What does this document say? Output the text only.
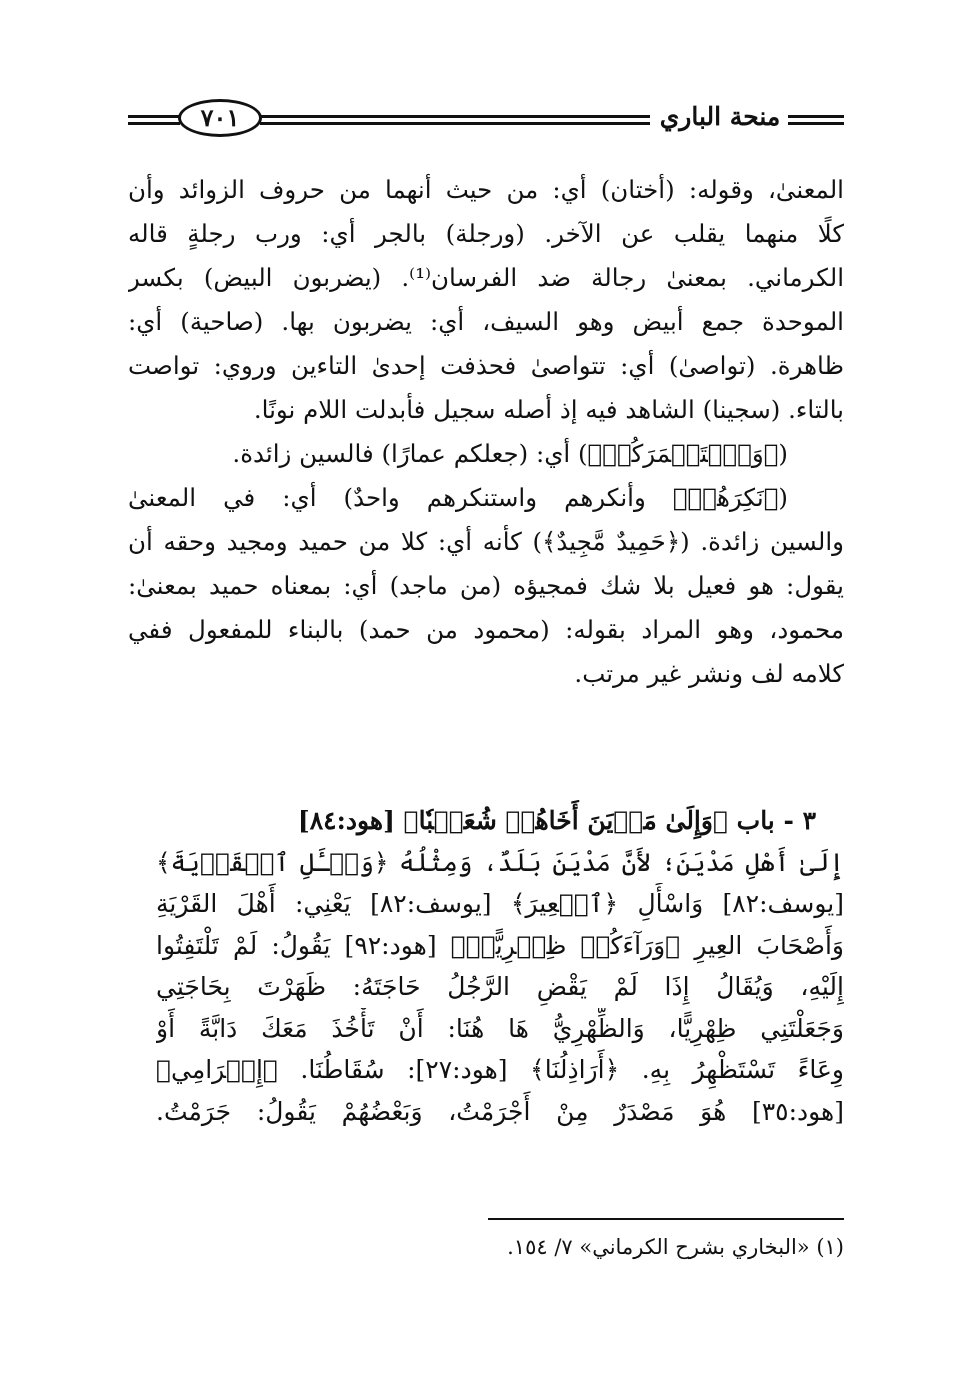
٧٠١	منحة الباري
المعنىٰ، وقوله: (أختان) أي: من حيث أنهما من حروف الزوائد وأن
كلًا منهما يقلب عن الآخر. (ورجلة) بالجر أي: ورب رجلةٍ قاله
الكرماني. بمعنىٰ رجالة ضد الفرسان⁽¹⁾. (يضربون البيض) بكسر
الموحدة جمع أبيض وهو السيف، أي: يضربون بها. (صاحية) أي:
ظاهرة. (تواصىٰ) أي: تتواصىٰ فحذفت إحدىٰ التاءين وروي: تواصت
بالتاء. (سجينا) الشاهد فيه إذ أصله سجيل فأبدلت اللام نونًا.
(﴿وَٱسۡتَعۡمَرَكُمۡ﴾) أي: (جعلكم عمارًا) فالسين زائدة.
(﴿نَكِرَهُمۡ﴾ وأنكرهم واستنكرهم واحدٌ) أي: في المعنىٰ
والسين زائدة. (﴿حَمِيدٌ مَّجِيدٌ﴾) كأنه أي: كلا من حميد ومجيد وحقه أن
يقول: هو فعيل بلا شك فمجيؤه (من ماجد) أي: بمعناه حميد بمعنىٰ:
محمود، وهو المراد بقوله: (محمود من حمد) بالبناء للمفعول ففي
كلامه لف ونشر غير مرتب.
٣ - باب ﴿وَإِلَىٰ مَدۡيَنَ أَخَاهُمۡ شُعَيۡبٗا﴾ [هود:٨٤]
إِلَىٰ أَهْلِ مَدْيَنَ؛ لأَنَّ مَدْيَنَ بَلَدٌ، وَمِثْلُهُ ﴿وَسۡـَٔلِ ٱلۡقَرۡيَةَ﴾
[يوسف:٨٢] وَاسْأَلِ ﴿ٱلۡعِيرَ﴾ [يوسف:٨٢] يَعْنِي: أَهْلَ القَرْيَةِ
وَأَصْحَابَ العِيرِ ﴿وَرَآءَكُمۡ ظِهۡرِيًّاۖ﴾ [هود:٩٢] يَقُولُ: لَمْ تَلْتَفِتُوا
إِلَيْهِ، وَيُقَالُ إِذَا لَمْ يَقْضِ الرَّجُلُ حَاجَتَهُ: ظَهَرْتَ بِحَاجَتِي
وَجَعَلْتَنِي ظِهْرِيًّا، وَالظِّهْرِيُّ هَا هُنَا: أَنْ تَأْخُذَ مَعَكَ دَابَّةً أَوْ
وِعَاءً تَسْتَظْهِرُ بِهِ. ﴿أَرَاذِلُنَا﴾ [هود:٢٧]: سُقَاطُنَا. ﴿إِجۡرَامِي﴾
[هود:٣٥] هُوَ مَصْدَرٌ مِنْ أَجْرَمْتُ، وَبَعْضُهُمْ يَقُولُ: جَرَمْتُ.
(١) «البخاري بشرح الكرماني» ٧/ ١٥٤.
